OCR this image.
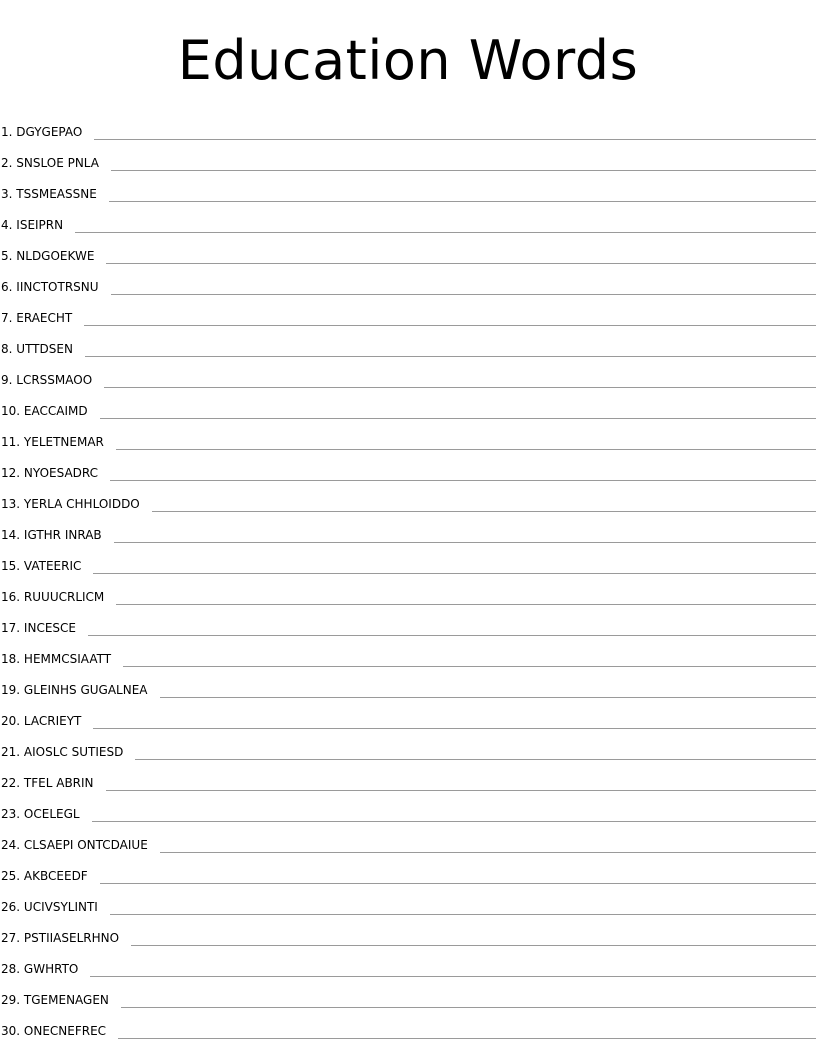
Education Words
1. DGYGEPAO
2. SNSLOE PNLA
3. TSSMEASSNE
4. ISEIPRN
5. NLDGOEKWE
6. IINCTOTRSNU
7. ERAECHT
8. UTTDSEN
9. LCRSSMAOO
10. EACCAIMD
11. YELETNEMAR
12. NYOESADRC
13. YERLA CHHLOIDDO
14. IGTHR INRAB
15. VATEERIC
16. RUUUCRLICM
17. INCESCE
18. HEMMCSIAATT
19. GLEINHS GUGALNEA
20. LACRIEYT
21. AIOSLC SUTIESD
22. TFEL ABRIN
23. OCELEGL
24. CLSAEPI ONTCDAIUE
25. AKBCEEDF
26. UCIVSYLINTI
27. PSTIIASELRHNO
28. GWHRTO
29. TGEMENAGEN
30. ONECNEFREC
